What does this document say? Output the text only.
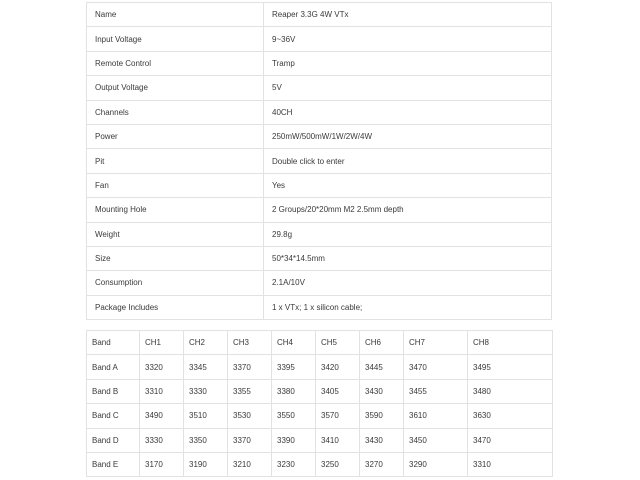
Name	Reaper 3.3G 4W VTx
Input Voltage	9~36V
Remote Control	Tramp
Output Voltage	5V
Channels	40CH
Power	250mW/500mW/1W/2W/4W
Pit	Double click to enter
Fan	Yes
Mounting Hole	2 Groups/20*20mm M2 2.5mm depth
Weight	29.8g
Size	50*34*14.5mm
Consumption	2.1A/10V
Package Includes	1 x VTx; 1 x silicon cable;
Band	CH1	CH2	CH3	CH4	CH5	CH6	CH7	CH8
Band A	3320	3345	3370	3395	3420	3445	3470	3495
Band B	3310	3330	3355	3380	3405	3430	3455	3480
Band C	3490	3510	3530	3550	3570	3590	3610	3630
Band D	3330	3350	3370	3390	3410	3430	3450	3470
Band E	3170	3190	3210	3230	3250	3270	3290	3310
